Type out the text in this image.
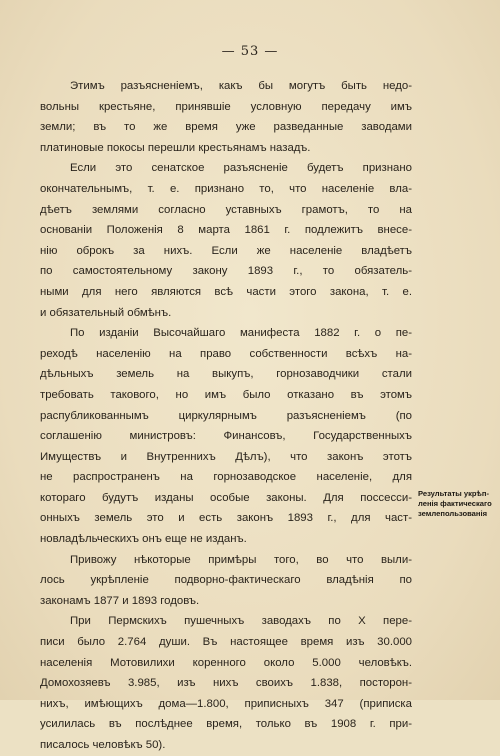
— 53 —
Этимъ разъясненіемъ, какъ бы могутъ быть недо-
вольны крестьяне, принявшіе условную передачу имъ
земли; въ то же время уже разведанные заводами
платиновые покосы перешли крестьянамъ назадъ.
Если это сенатское разъясненіе будетъ признано
окончательнымъ, т. е. признано то, что населеніе вла-
дѣетъ землями согласно уставныхъ грамотъ, то на
основаніи Положенія 8 марта 1861 г. подлежитъ внесе-
нію оброкъ за нихъ. Если же населеніе владѣетъ
по самостоятельному закону 1893 г., то обязатель-
ными для него являются всѣ части этого закона, т. е.
и обязательный обмѣнъ.
По изданіи Высочайшаго манифеста 1882 г. о пе-
реходѣ населенію на право собственности всѣхъ на-
дѣльныхъ земель на выкупъ, горнозаводчики стали
требовать такового, но имъ было отказано въ этомъ
распубликованнымъ циркулярнымъ разъясненіемъ (по
соглашенію министровъ: Финансовъ, Государственныхъ
Имуществъ и Внутреннихъ Дѣлъ), что законъ этотъ
не распространенъ на горнозаводское населеніе, для
котораго будутъ изданы особые законы. Для поссесси-
онныхъ земель это и есть законъ 1893 г., для част-
новладѣльческихъ онъ еще не изданъ.
Привожу нѣкоторые примѣры того, во что выли-
лось укрѣпленіе подворно-фактическаго владѣнія по
законамъ 1877 и 1893 годовъ.
При Пермскихъ пушечныхъ заводахъ по X пере-
писи было 2.764 души. Въ настоящее время изъ 30.000
населенія Мотовилихи коренного около 5.000 человѣкъ.
Домохозяевъ 3.985, изъ нихъ своихъ 1.838, посторон-
нихъ, имѣющихъ дома—1.800, приписныхъ 347 (приписка
усилилась въ послѣднее время, только въ 1908 г. при-
писалось человѣкъ 50).
Результаты укрѣп-
ленія фактическаго
землепользованія
